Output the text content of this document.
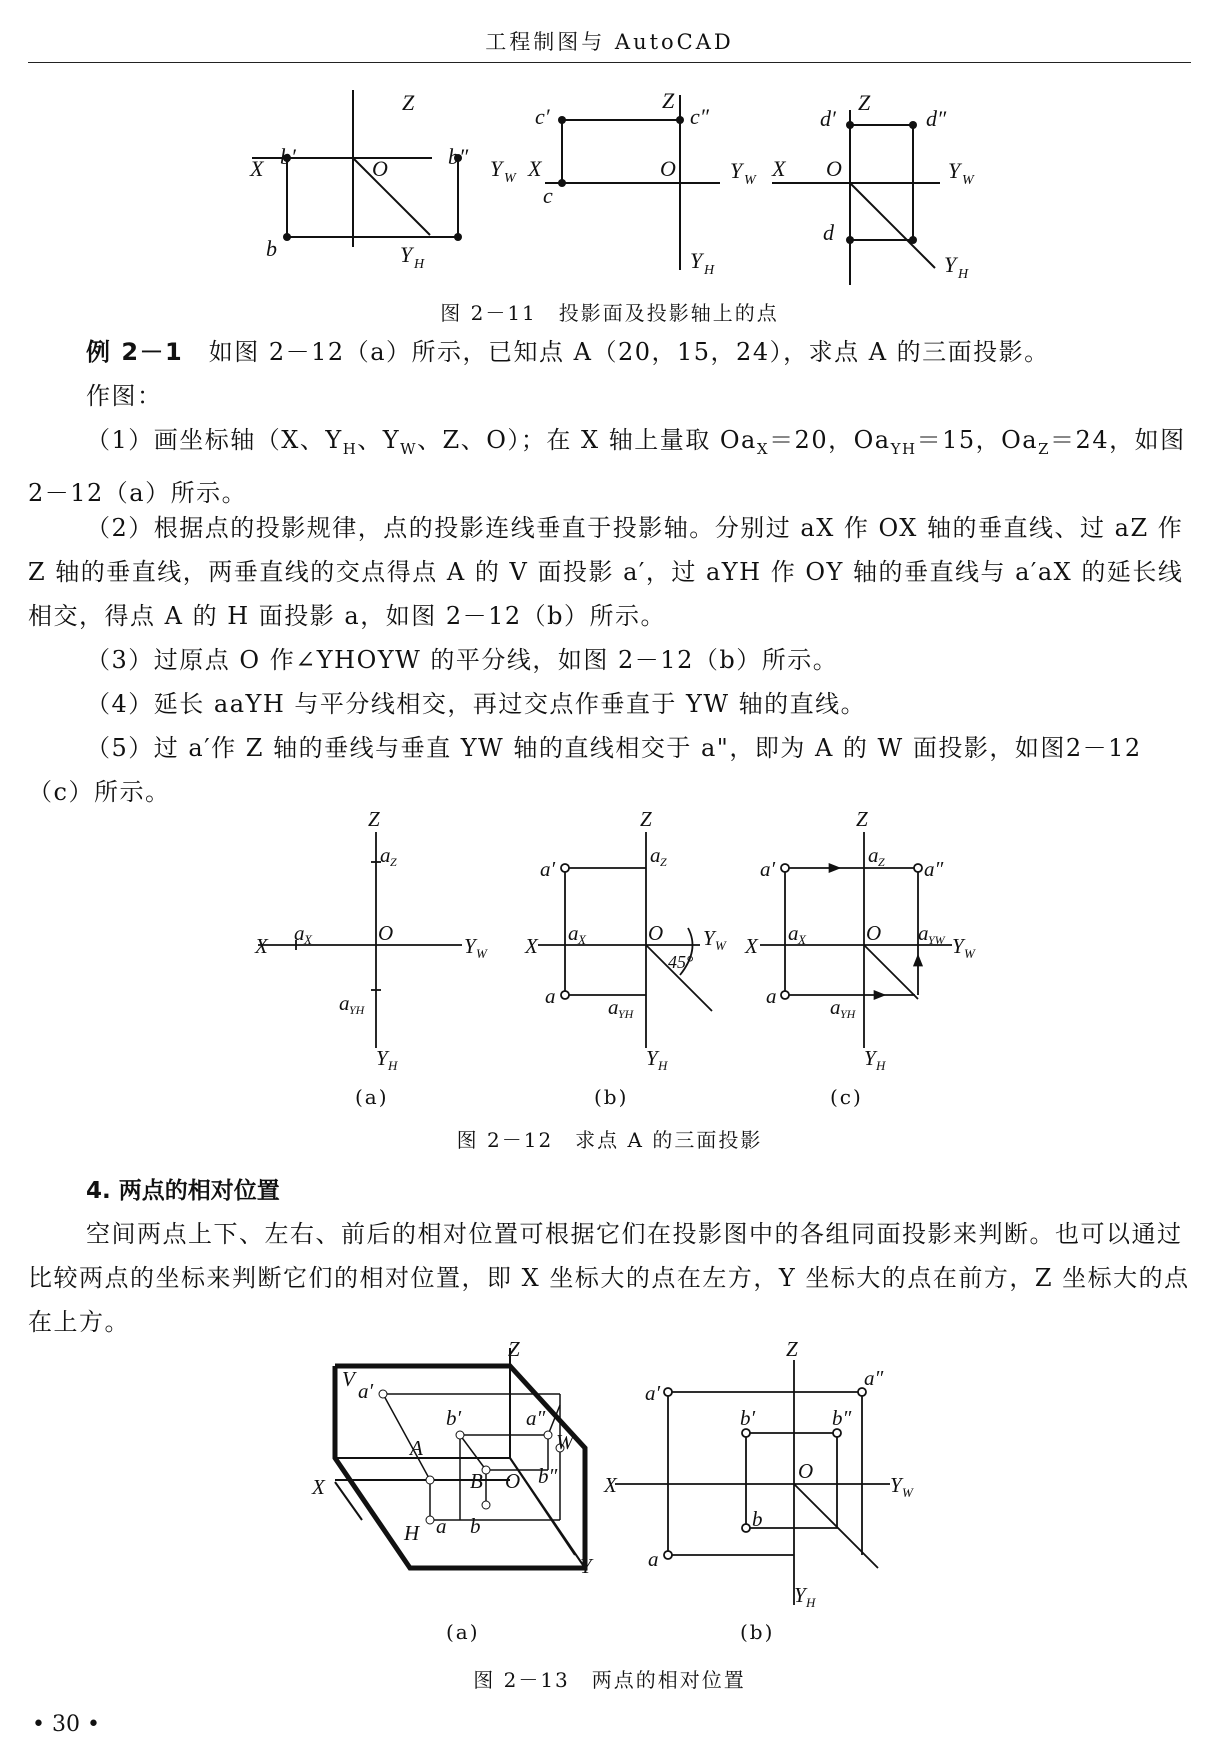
工程制图与 AutoCAD
Z
X	O	Y W
Y H
b′	b″
b
Z
X	O Y W
Y H
c′	c″
c
Z
X O	Y W
Y H
d′	d″
d
图 2－11　投影面及投影轴上的点
例 2－1　如图 2－12（a）所示，已知点 A（20，15，24），求点 A 的三面投影。
作图：
（1）画坐标轴（X、$Y_H$、$Y_W$、Z、O）；在 X 轴上量取 $Oa_X=20$，$Oa_{YH}=15$，$Oa_Z=24$，如图 2－12（a）所示。
（2）根据点的投影规律，点的投影连线垂直于投影轴。分别过 aX 作 OX 轴的垂直线、过 aZ 作 Z 轴的垂直线，两垂直线的交点得点 A 的 V 面投影 a′，过 aYH 作 OY 轴的垂直线与 a′aX 的延长线相交，得点 A 的 H 面投影 a，如图 2－12（b）所示。
（3）过原点 O 作∠YHOYW 的平分线，如图 2－12（b）所示。
（4）延长 aaYH 与平分线相交，再过交点作垂直于 YW 轴的直线。
（5）过 a′作 Z 轴的垂线与垂直 YW 轴的直线相交于 a"，即为 A 的 W 面投影，如图2－12（c）所示。
Z
X
O
Y W
Y H
a Z
a X
a YH
Z
X
O Y W
Y H
a Z
a X
a YH
a′
a
45°
Z
X
O
Y W
Y H
a Z
a X	a YW
a YH
a′
a
a″
(a)	(b)	(c)
图 2－12　求点 A 的三面投影
4. 两点的相对位置
空间两点上下、左右、前后的相对位置可根据它们在投影图中的各组同面投影来判断。也可以通过比较两点的坐标来判断它们的相对位置，即 X 坐标大的点在左方，Y 坐标大的点在前方，Z 坐标大的点在上方。
Z
X
Y
V
W
H
a′
A
b′	a″
B O b″
a b
Z
X
O
Y W
Y H
a′
a″
b′	b″
b
a
(a)	(b)
图 2－13　两点的相对位置
• 30 •
